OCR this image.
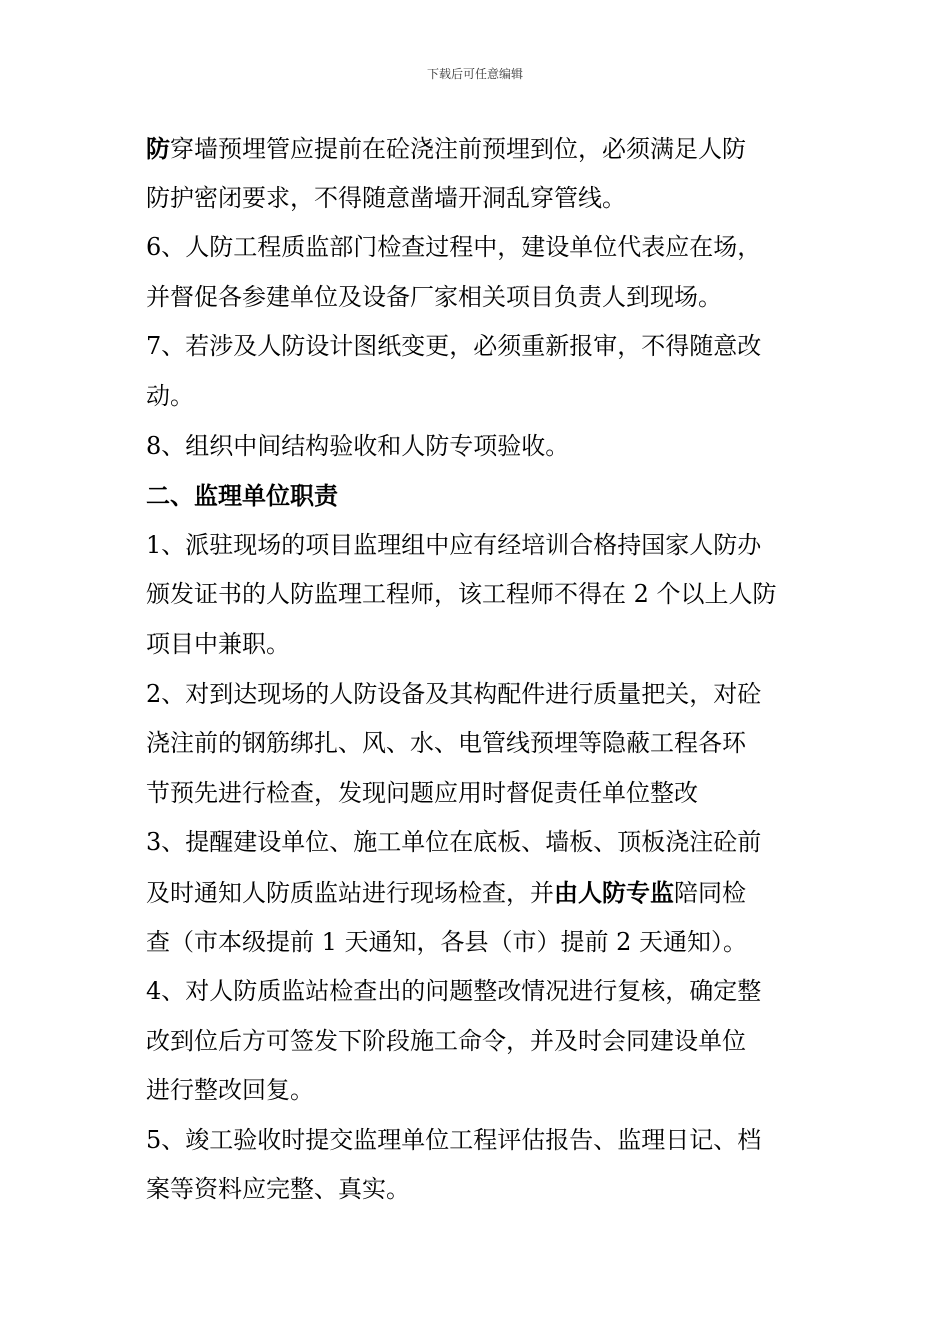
下载后可任意编辑
防穿墙预埋管应提前在砼浇注前预埋到位，必须满足人防
防护密闭要求，不得随意凿墙开洞乱穿管线。
6、人防工程质监部门检查过程中，建设单位代表应在场，
并督促各参建单位及设备厂家相关项目负责人到现场。
7、若涉及人防设计图纸变更，必须重新报审，不得随意改
动。
8、组织中间结构验收和人防专项验收。
二、监理单位职责
1、派驻现场的项目监理组中应有经培训合格持国家人防办
颁发证书的人防监理工程师，该工程师不得在 2 个以上人防
项目中兼职。
2、对到达现场的人防设备及其构配件进行质量把关，对砼
浇注前的钢筋绑扎、风、水、电管线预埋等隐蔽工程各环
节预先进行检查，发现问题应用时督促责任单位整改
3、提醒建设单位、施工单位在底板、墙板、顶板浇注砼前
及时通知人防质监站进行现场检查，并由人防专监陪同检
查（市本级提前 1 天通知，各县（市）提前 2 天通知）。
4、对人防质监站检查出的问题整改情况进行复核，确定整
改到位后方可签发下阶段施工命令，并及时会同建设单位
进行整改回复。
5、竣工验收时提交监理单位工程评估报告、监理日记、档
案等资料应完整、真实。
